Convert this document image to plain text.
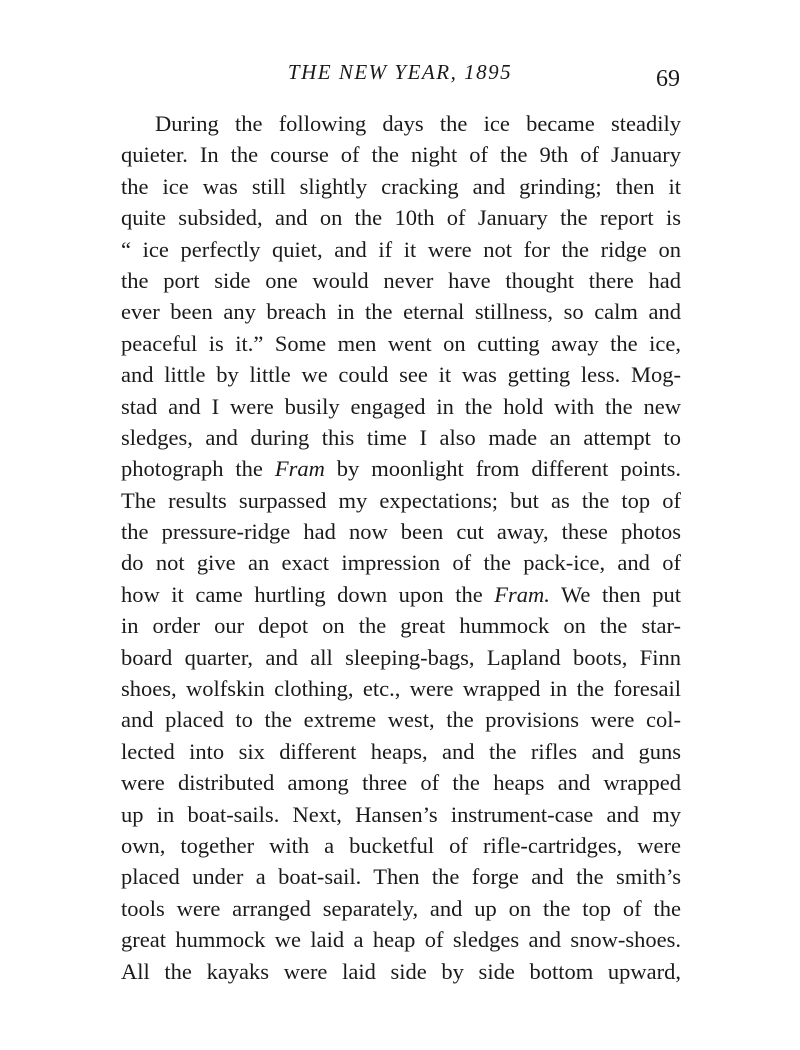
THE NEW YEAR, 1895	69
During the following days the ice became steadily
quieter. In the course of the night of the 9th of January
the ice was still slightly cracking and grinding; then it
quite subsided, and on the 10th of January the report is
“ ice perfectly quiet, and if it were not for the ridge on
the port side one would never have thought there had
ever been any breach in the eternal stillness, so calm and
peaceful is it.” Some men went on cutting away the ice,
and little by little we could see it was getting less. Mog-
stad and I were busily engaged in the hold with the new
sledges, and during this time I also made an attempt to
photograph the Fram by moonlight from different points.
The results surpassed my expectations; but as the top of
the pressure-ridge had now been cut away, these photos
do not give an exact impression of the pack-ice, and of
how it came hurtling down upon the Fram. We then put
in order our depot on the great hummock on the star-
board quarter, and all sleeping-bags, Lapland boots, Finn
shoes, wolfskin clothing, etc., were wrapped in the foresail
and placed to the extreme west, the provisions were col-
lected into six different heaps, and the rifles and guns
were distributed among three of the heaps and wrapped
up in boat-sails. Next, Hansen’s instrument-case and my
own, together with a bucketful of rifle-cartridges, were
placed under a boat-sail. Then the forge and the smith’s
tools were arranged separately, and up on the top of the
great hummock we laid a heap of sledges and snow-shoes.
All the kayaks were laid side by side bottom upward,
